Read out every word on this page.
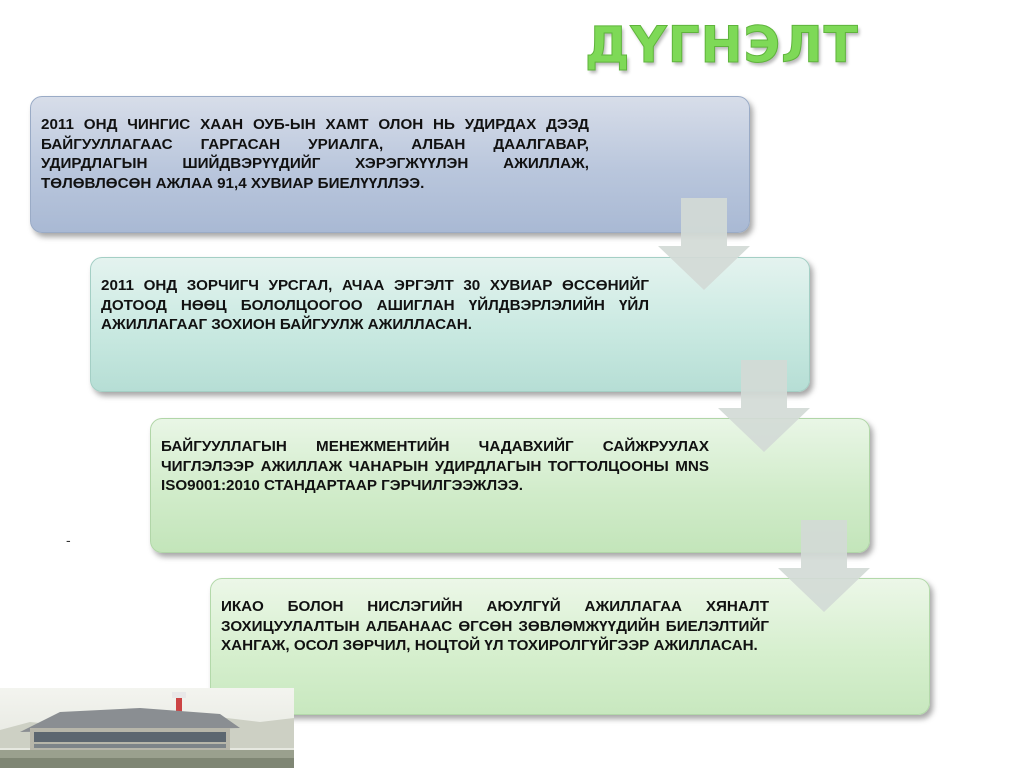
ДҮГНЭЛТ
2011 ОНД ЧИНГИС ХААН ОУБ-ЫН ХАМТ ОЛОН НЬ УДИРДАХ ДЭЭД БАЙГУУЛЛАГААС ГАРГАСАН УРИАЛГА, АЛБАН ДААЛГАВАР, УДИРДЛАГЫН ШИЙДВЭРҮҮДИЙГ ХЭРЭГЖҮҮЛЭН АЖИЛЛАЖ, ТӨЛӨВЛӨСӨН АЖЛАА 91,4 ХУВИАР БИЕЛҮҮЛЛЭЭ.
2011 ОНД ЗОРЧИГЧ УРСГАЛ, АЧАА ЭРГЭЛТ 30 ХУВИАР ӨССӨНИЙГ ДОТООД НӨӨЦ БОЛОЛЦООГОО АШИГЛАН ҮЙЛДВЭРЛЭЛИЙН ҮЙЛ АЖИЛЛАГААГ ЗОХИОН БАЙГУУЛЖ АЖИЛЛАСАН.
БАЙГУУЛЛАГЫН МЕНЕЖМЕНТИЙН ЧАДАВХИЙГ САЙЖРУУЛАХ ЧИГЛЭЛЭЭР АЖИЛЛАЖ ЧАНАРЫН УДИРДЛАГЫН ТОГТОЛЦООНЫ MNS ISO9001:2010 СТАНДАРТААР ГЭРЧИЛГЭЭЖЛЭЭ.
ИКАО БОЛОН НИСЛЭГИЙН АЮУЛГҮЙ АЖИЛЛАГАА ХЯНАЛТ ЗОХИЦУУЛАЛТЫН АЛБАНААС ӨГСӨН ЗӨВЛӨМЖҮҮДИЙН БИЕЛЭЛТИЙГ ХАНГАЖ, ОСОЛ ЗӨРЧИЛ, НОЦТОЙ ҮЛ ТОХИРОЛГҮЙГЭЭР АЖИЛЛАСАН.
-
